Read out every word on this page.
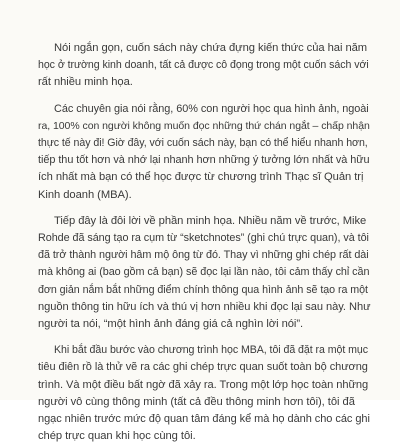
Nói ngắn gọn, cuốn sách này chứa đựng kiến thức của hai năm
học ở trường kinh doanh, tất cả được cô đọng trong một cuốn sách với
rất nhiều minh họa.
Các chuyên gia nói rằng, 60% con người học qua hình ảnh, ngoài
ra, 100% con người không muốn đọc những thứ chán ngắt – chấp nhận
thực tế này đi! Giờ đây, với cuốn sách này, bạn có thể hiểu nhanh hơn,
tiếp thu tốt hơn và nhớ lại nhanh hơn những ý tưởng lớn nhất và hữu
ích nhất mà bạn có thể học được từ chương trình Thạc sĩ Quản trị
Kinh doanh (MBA).
Tiếp đây là đôi lời về phần minh họa. Nhiều năm về trước, Mike
Rohde đã sáng tạo ra cụm từ “sketchnotes” (ghi chú trực quan), và tôi
đã trở thành người hâm mộ ông từ đó. Thay vì những ghi chép rất dài
mà không ai (bao gồm cả bạn) sẽ đọc lại lần nào, tôi cảm thấy chỉ cần
đơn giản nắm bắt những điểm chính thông qua hình ảnh sẽ tạo ra một
nguồn thông tin hữu ích và thú vị hơn nhiều khi đọc lại sau này. Như
người ta nói, “một hình ảnh đáng giá cả nghìn lời nói”.
Khi bắt đầu bước vào chương trình học MBA, tôi đã đặt ra một mục
tiêu điên rồ là thử vẽ ra các ghi chép trực quan suốt toàn bộ chương
trình. Và một điều bất ngờ đã xảy ra. Trong một lớp học toàn những
người vô cùng thông minh (tất cả đều thông minh hơn tôi), tôi đã
ngạc nhiên trước mức độ quan tâm đáng kể mà họ dành cho các ghi
chép trực quan khi học cùng tôi.
